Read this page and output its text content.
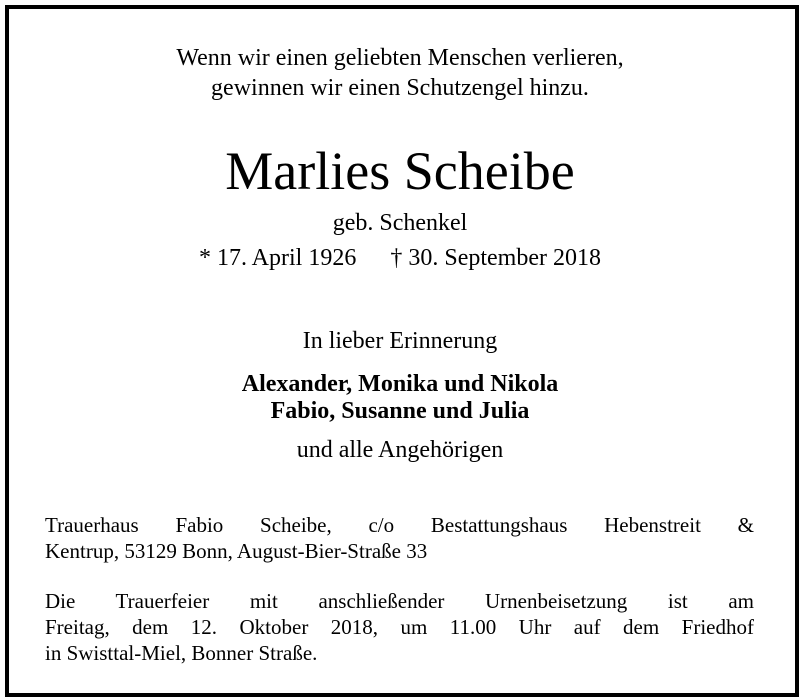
Wenn wir einen geliebten Menschen verlieren,
gewinnen wir einen Schutzengel hinzu.
Marlies Scheibe
geb. Schenkel
* 17. April 1926 † 30. September 2018
In lieber Erinnerung
Alexander, Monika und Nikola
Fabio, Susanne und Julia
und alle Angehörigen
Trauerhaus Fabio Scheibe, c/o Bestattungshaus Hebenstreit &
Kentrup, 53129 Bonn, August-Bier-Straße 33
Die Trauerfeier mit anschließender Urnenbeisetzung ist am
Freitag, dem 12. Oktober 2018, um 11.00 Uhr auf dem Friedhof
in Swisttal-Miel, Bonner Straße.
